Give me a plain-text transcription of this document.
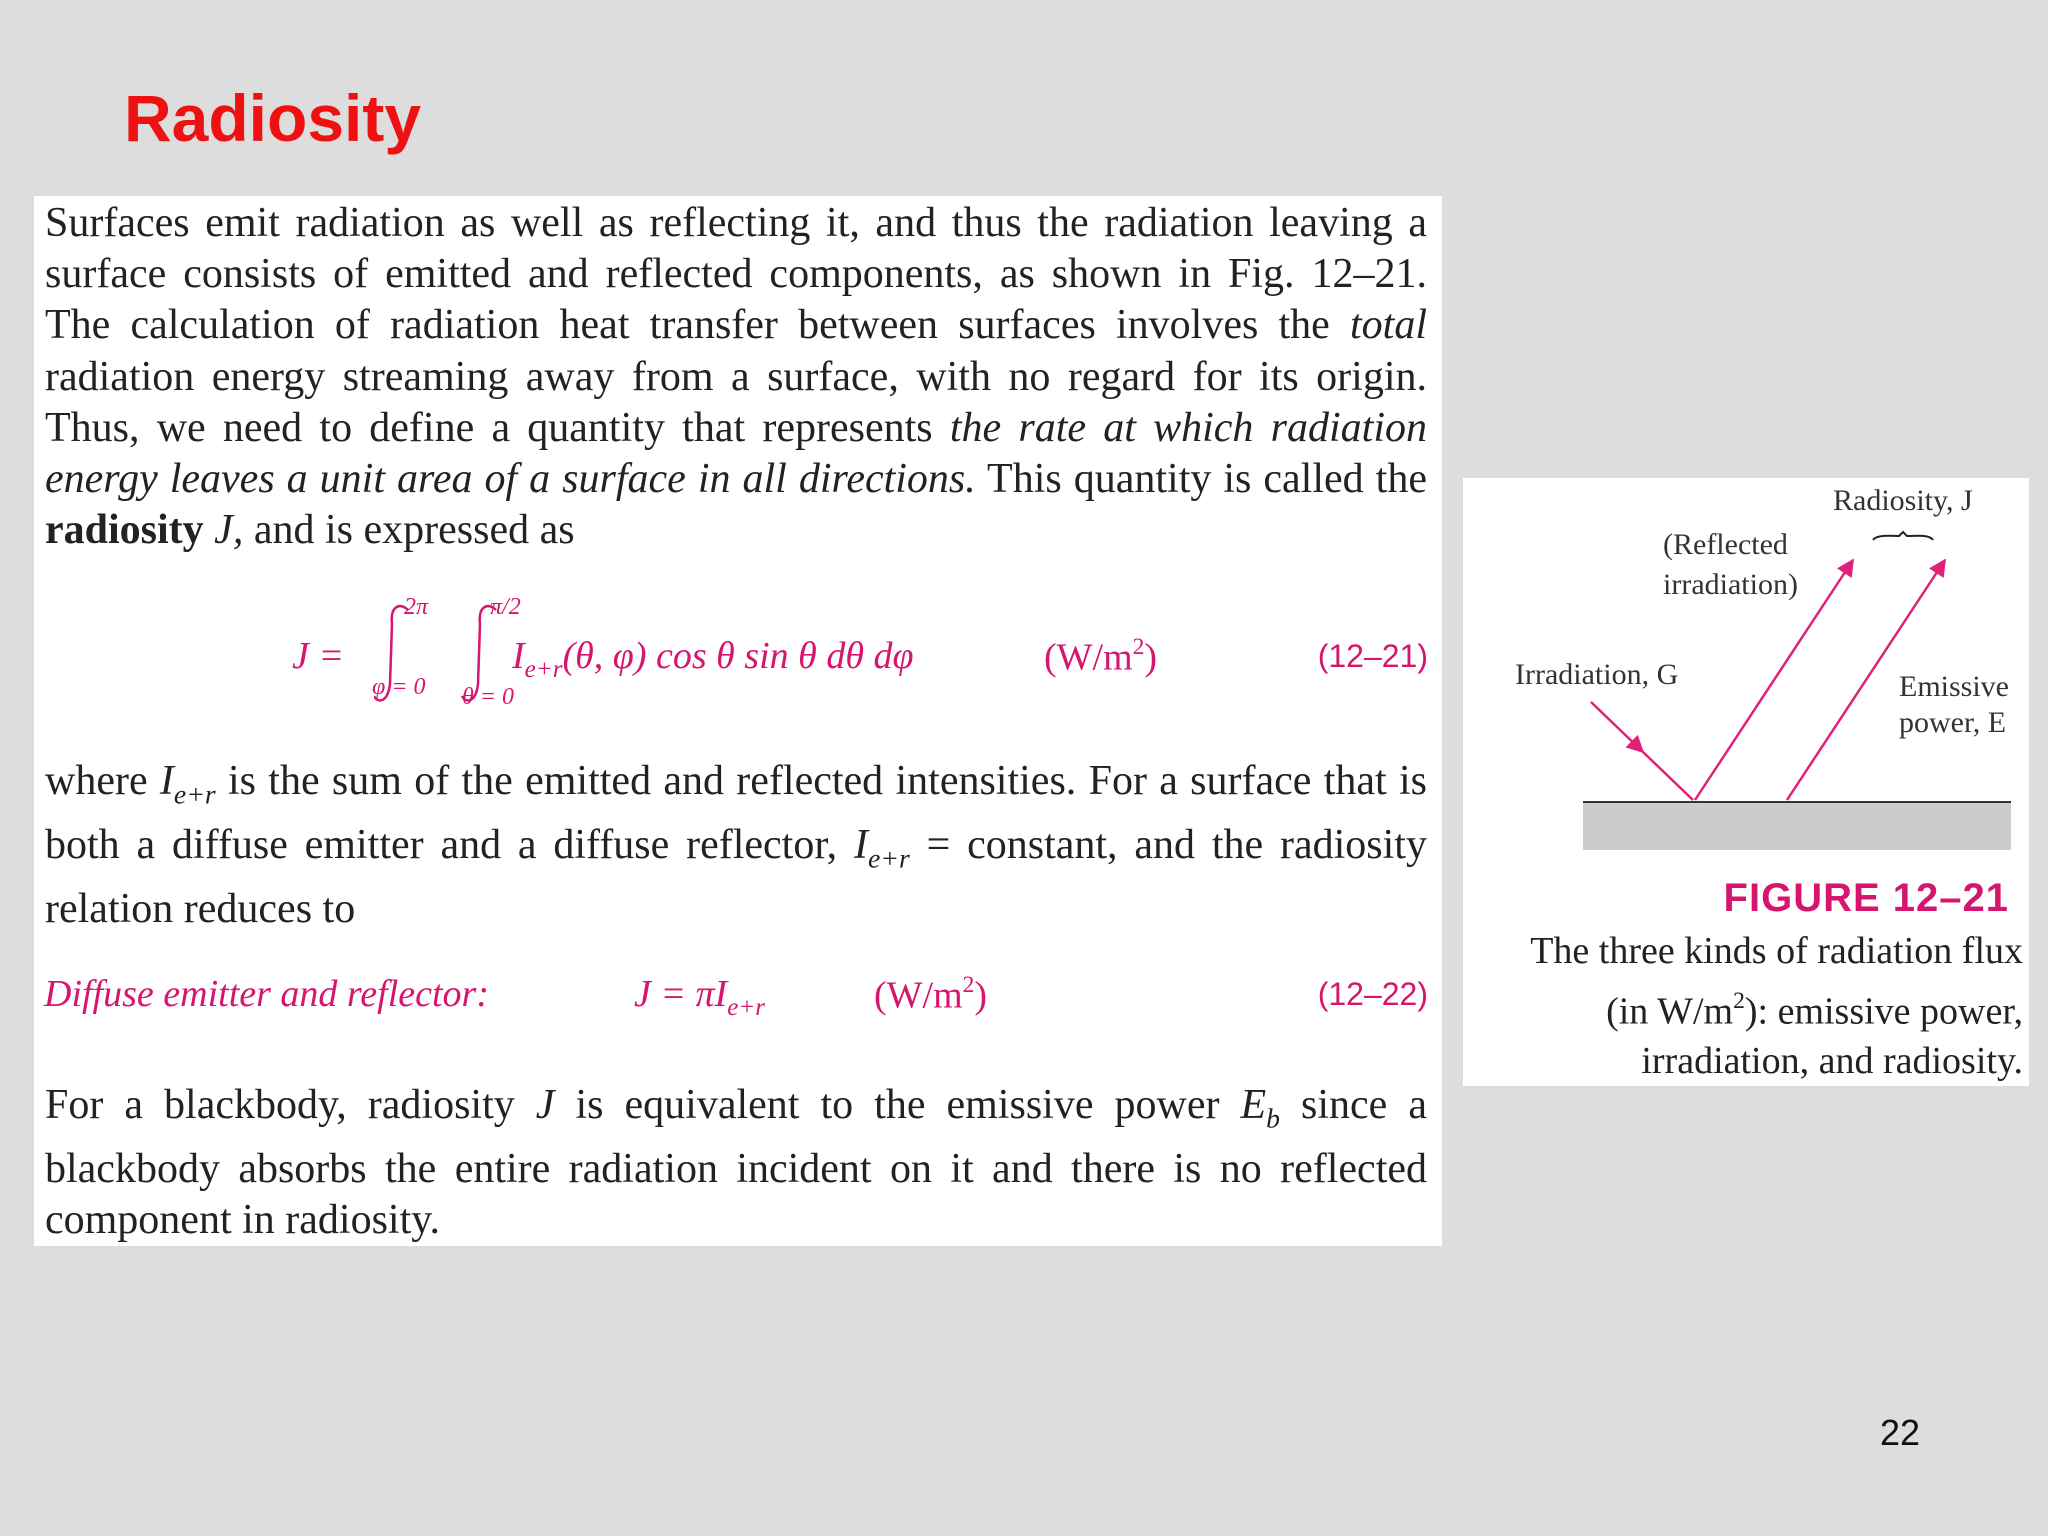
Radiosity

Surfaces emit radiation as well as reflecting it, and thus the radiation leaving a surface consists of emitted and reflected components, as shown in Fig. 12–21. The calculation of radiation heat transfer between surfaces involves the total radiation energy streaming away from a surface, with no regard for its origin. Thus, we need to define a quantity that represents the rate at which radiation energy leaves a unit area of a surface in all directions. This quantity is called the radiosity J, and is expressed as

J =
2π
φ = 0
π/2
θ = 0
$I_{e+r}(\theta$, φ) cos θ sin θ dθ dφ	$(W/m^2)$	(12–21)

where $I_{e+r}$ is the sum of the emitted and reflected intensities. For a surface that is both a diffuse emitter and a diffuse reflector, $I_{e+r}$ = constant, and the radiosity relation reduces to

Diffuse emitter and reflector:	$J = \pi I_{e+r}$	$(W/m^2)$	(12–22)

For a blackbody, radiosity J is equivalent to the emissive power $E_b$ since a blackbody absorbs the entire radiation incident on it and there is no reflected component in radiosity.

Radiosity, J
(Reflected
irradiation)
Irradiation, G	Emissive
power, E
FIGURE 12–21

The three kinds of radiation flux
(in $W/m^2$): emissive power,
irradiation, and radiosity.

22
